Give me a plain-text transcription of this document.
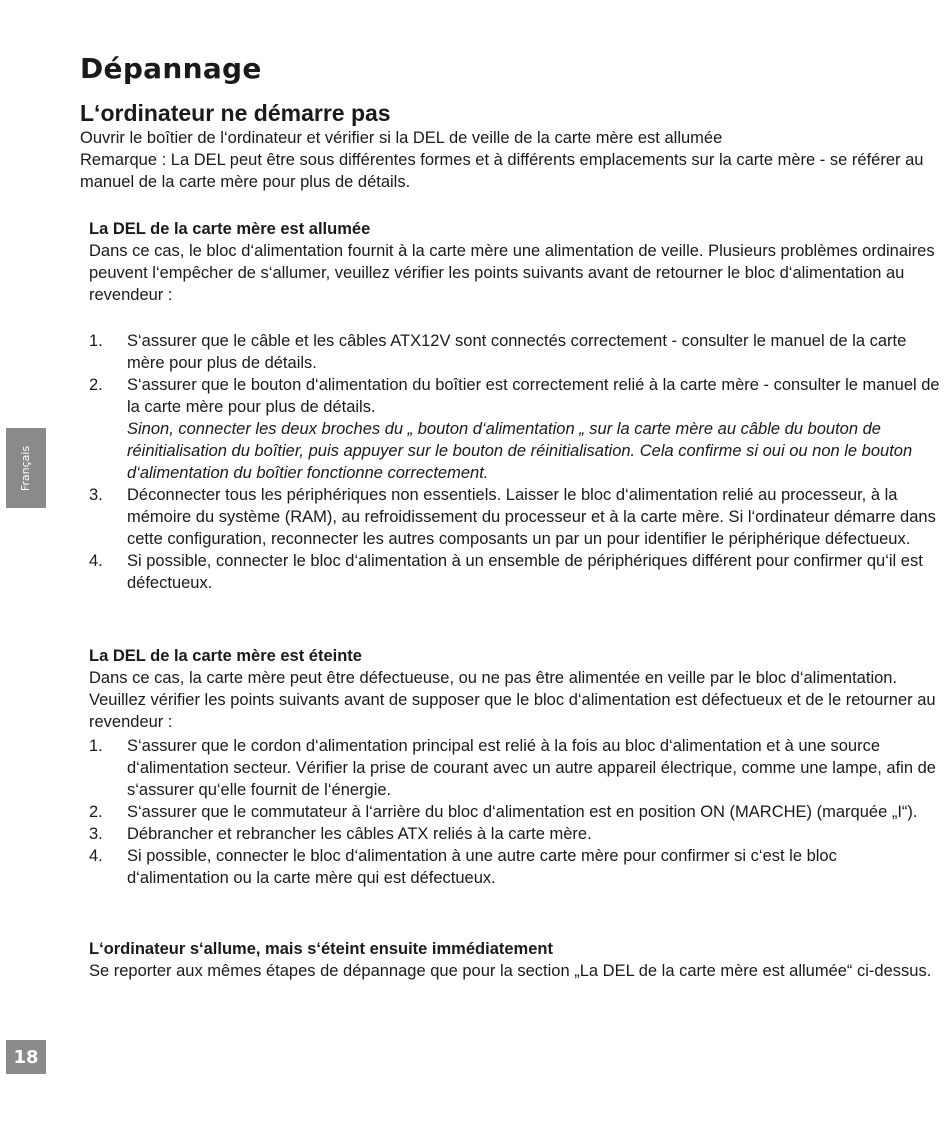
Dépannage
L‘ordinateur ne démarre pas

Ouvrir le boîtier de l‘ordinateur et vérifier si la DEL de veille de la carte mère est allumée

Remarque : La DEL peut être sous différentes formes et à différents emplacements sur la carte mère - se référer au manuel de la carte mère pour plus de détails.

La DEL de la carte mère est allumée

Dans ce cas, le bloc d‘alimentation fournit à la carte mère une alimentation de veille. Plusieurs problèmes ordinaires peuvent l‘empêcher de s‘allumer, veuillez vérifier les points suivants avant de retourner le bloc d‘alimentation au revendeur :

1. S‘assurer que le câble et les câbles ATX12V sont connectés correctement - consulter le manuel de la carte mère pour plus de détails.
2. S‘assurer que le bouton d‘alimentation du boîtier est correctement relié à la carte mère - consulter le manuel de la carte mère pour plus de détails.
Sinon, connecter les deux broches du „ bouton d‘alimentation „ sur la carte mère au câble du bouton de réinitialisation du boîtier, puis appuyer sur le bouton de réinitialisation. Cela confirme si oui ou non le bouton d‘alimentation du boîtier fonctionne correctement.
3. Déconnecter tous les périphériques non essentiels. Laisser le bloc d‘alimentation relié au processeur, à la mémoire du système (RAM), au refroidissement du processeur et à la carte mère. Si l‘ordinateur démarre dans cette configuration, reconnecter les autres composants un par un pour identifier le périphérique défectueux.
4. Si possible, connecter le bloc d‘alimentation à un ensemble de périphériques différent pour confirmer qu‘il est défectueux.

La DEL de la carte mère est éteinte

Dans ce cas, la carte mère peut être défectueuse, ou ne pas être alimentée en veille par le bloc d‘alimentation. Veuillez vérifier les points suivants avant de supposer que le bloc d‘alimentation est défectueux et de le retourner au revendeur :

1. S‘assurer que le cordon d‘alimentation principal est relié à la fois au bloc d‘alimentation et à une source d‘alimentation secteur. Vérifier la prise de courant avec un autre appareil électrique, comme une lampe, afin de s‘assurer qu‘elle fournit de l‘énergie.
2. S‘assurer que le commutateur à l‘arrière du bloc d‘alimentation est en position ON (MARCHE) (marquée „I“).
3. Débrancher et rebrancher les câbles ATX reliés à la carte mère.
4. Si possible, connecter le bloc d‘alimentation à une autre carte mère pour confirmer si c‘est le bloc d‘alimentation ou la carte mère qui est défectueux.

L‘ordinateur s‘allume, mais s‘éteint ensuite immédiatement

Se reporter aux mêmes étapes de dépannage que pour la section „La DEL de la carte mère est allumée“ ci-dessus.

Français
18
